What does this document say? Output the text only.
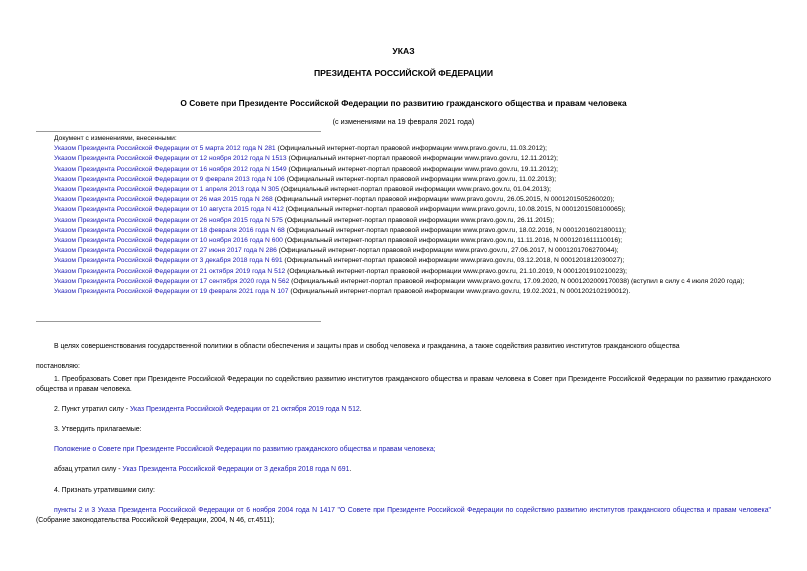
УКАЗ
ПРЕЗИДЕНТА РОССИЙСКОЙ ФЕДЕРАЦИИ
О Совете при Президенте Российской Федерации по развитию гражданского общества и правам человека
(с изменениями на 19 февраля 2021 года)
Документ с изменениями, внесенными:
Указом Президента Российской Федерации от 5 марта 2012 года N 281 (Официальный интернет-портал правовой информации www.pravo.gov.ru, 11.03.2012);
Указом Президента Российской Федерации от 12 ноября 2012 года N 1513 (Официальный интернет-портал правовой информации www.pravo.gov.ru, 12.11.2012);
Указом Президента Российской Федерации от 16 ноября 2012 года N 1549 (Официальный интернет-портал правовой информации www.pravo.gov.ru, 19.11.2012);
Указом Президента Российской Федерации от 9 февраля 2013 года N 106 (Официальный интернет-портал правовой информации www.pravo.gov.ru, 11.02.2013);
Указом Президента Российской Федерации от 1 апреля 2013 года N 305 (Официальный интернет-портал правовой информации www.pravo.gov.ru, 01.04.2013);
Указом Президента Российской Федерации от 26 мая 2015 года N 268 (Официальный интернет-портал правовой информации www.pravo.gov.ru, 26.05.2015, N 0001201505260020);
Указом Президента Российской Федерации от 10 августа 2015 года N 412 (Официальный интернет-портал правовой информации www.pravo.gov.ru, 10.08.2015, N 0001201508100065);
Указом Президента Российской Федерации от 26 ноября 2015 года N 575 (Официальный интернет-портал правовой информации www.pravo.gov.ru, 26.11.2015);
Указом Президента Российской Федерации от 18 февраля 2016 года N 68 (Официальный интернет-портал правовой информации www.pravo.gov.ru, 18.02.2016, N 0001201602180011);
Указом Президента Российской Федерации от 10 ноября 2016 года N 600 (Официальный интернет-портал правовой информации www.pravo.gov.ru, 11.11.2016, N 0001201611110016);
Указом Президента Российской Федерации от 27 июня 2017 года N 286 (Официальный интернет-портал правовой информации www.pravo.gov.ru, 27.06.2017, N 0001201706270044);
Указом Президента Российской Федерации от 3 декабря 2018 года N 691 (Официальный интернет-портал правовой информации www.pravo.gov.ru, 03.12.2018, N 0001201812030027);
Указом Президента Российской Федерации от 21 октября 2019 года N 512 (Официальный интернет-портал правовой информации www.pravo.gov.ru, 21.10.2019, N 0001201910210023);
Указом Президента Российской Федерации от 17 сентября 2020 года N 562 (Официальный интернет-портал правовой информации www.pravo.gov.ru, 17.09.2020, N 0001202009170038) (вступил в силу с 4 июля 2020 года);
Указом Президента Российской Федерации от 19 февраля 2021 года N 107 (Официальный интернет-портал правовой информации www.pravo.gov.ru, 19.02.2021, N 0001202102190012).
В целях совершенствования государственной политики в области обеспечения и защиты прав и свобод человека и гражданина, а также содействия развитию институтов гражданского общества
постановляю:
1. Преобразовать Совет при Президенте Российской Федерации по содействию развитию институтов гражданского общества и правам человека в Совет при Президенте Российской Федерации по развитию гражданского общества и правам человека.
2. Пункт утратил силу - Указ Президента Российской Федерации от 21 октября 2019 года N 512.
3. Утвердить прилагаемые:
Положение о Совете при Президенте Российской Федерации по развитию гражданского общества и правам человека;
абзац утратил силу - Указ Президента Российской Федерации от 3 декабря 2018 года N 691.
4. Признать утратившими силу:
пункты 2 и 3 Указа Президента Российской Федерации от 6 ноября 2004 года N 1417 "О Совете при Президенте Российской Федерации по содействию развитию институтов гражданского общества и правам человека" (Собрание законодательства Российской Федерации, 2004, N 46, ст.4511);
